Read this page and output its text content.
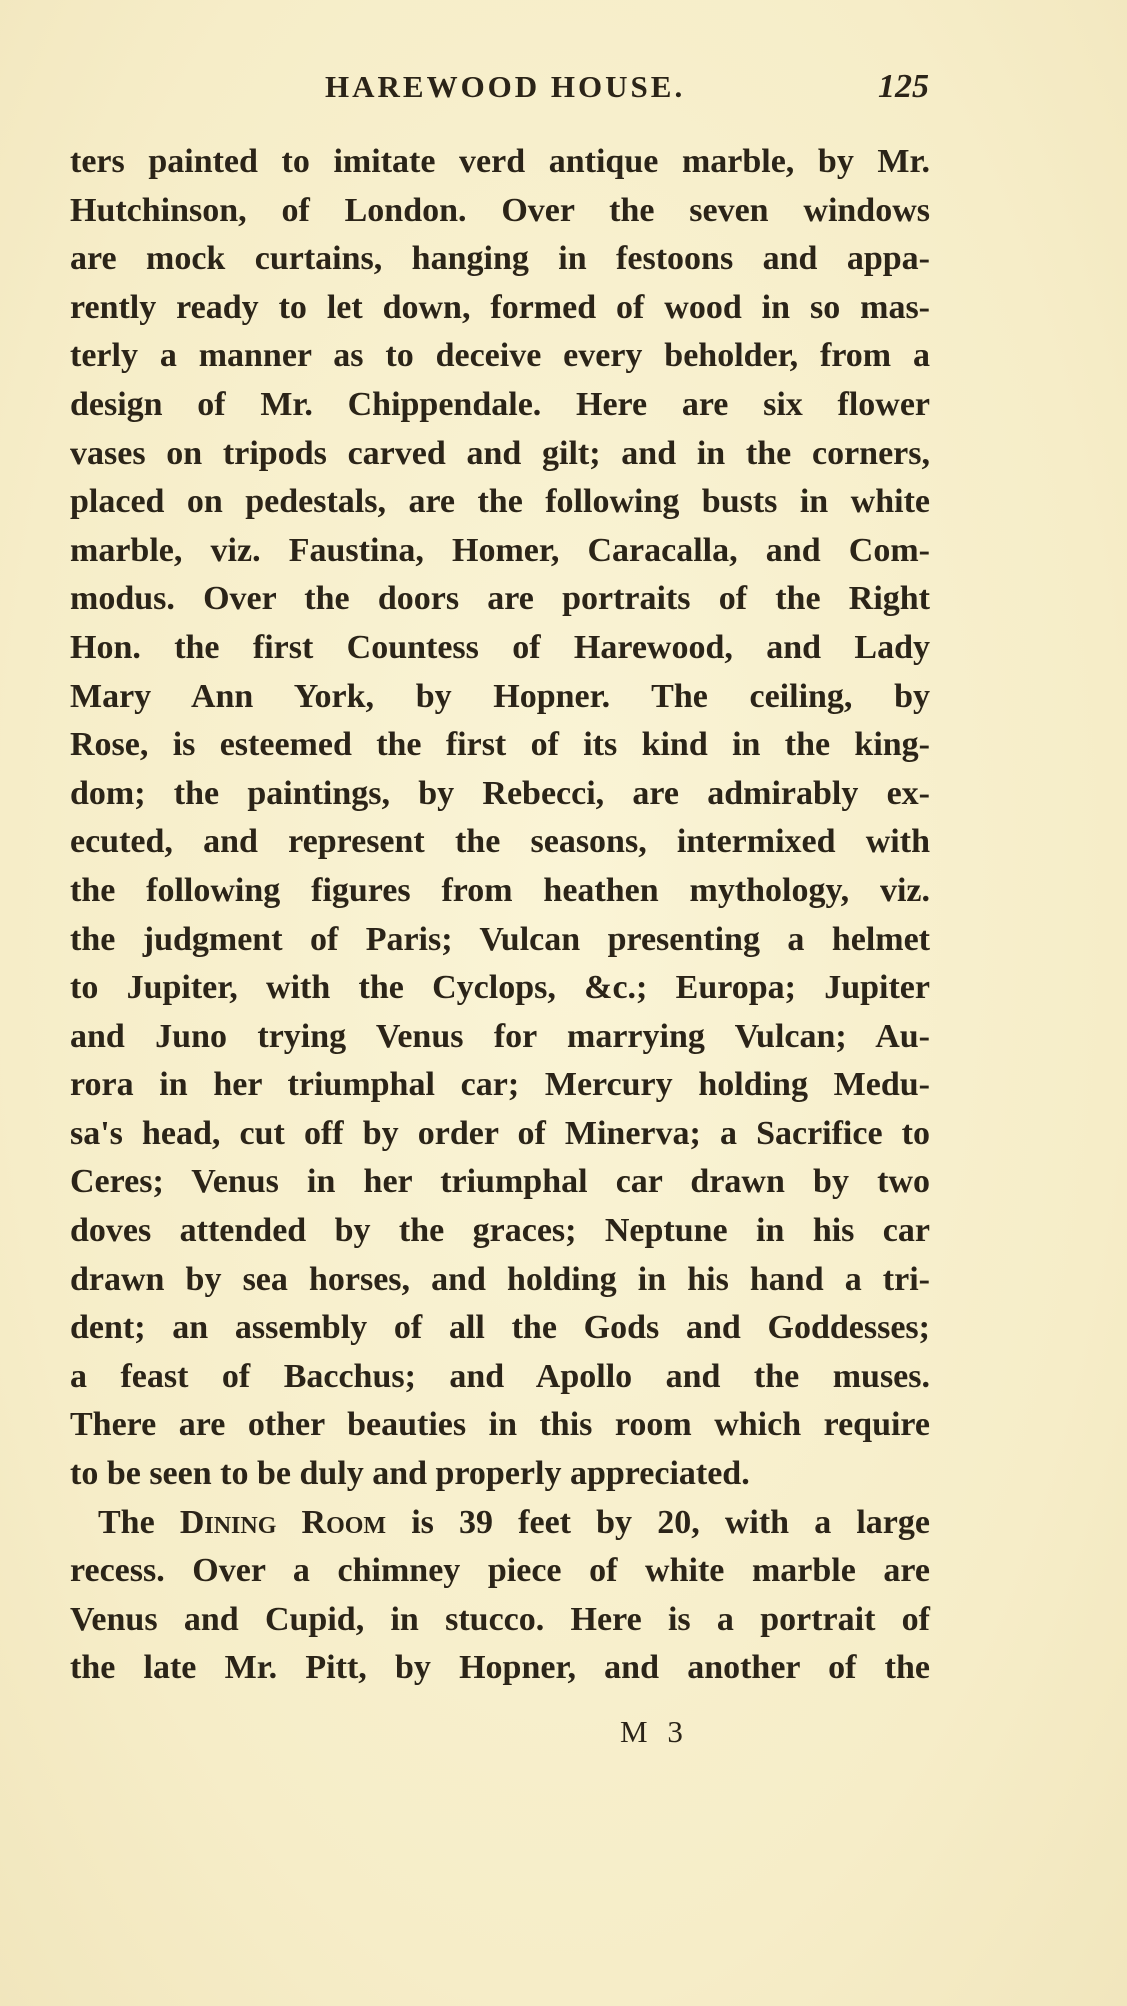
HAREWOOD HOUSE.	125
ters painted to imitate verd antique marble, by Mr.
Hutchinson, of London. Over the seven windows
are mock curtains, hanging in festoons and appa-
rently ready to let down, formed of wood in so mas-
terly a manner as to deceive every beholder, from a
design of Mr. Chippendale. Here are six flower
vases on tripods carved and gilt; and in the corners,
placed on pedestals, are the following busts in white
marble, viz. Faustina, Homer, Caracalla, and Com-
modus. Over the doors are portraits of the Right
Hon. the first Countess of Harewood, and Lady
Mary Ann York, by Hopner. The ceiling, by
Rose, is esteemed the first of its kind in the king-
dom; the paintings, by Rebecci, are admirably ex-
ecuted, and represent the seasons, intermixed with
the following figures from heathen mythology, viz.
the judgment of Paris; Vulcan presenting a helmet
to Jupiter, with the Cyclops, &c.; Europa; Jupiter
and Juno trying Venus for marrying Vulcan; Au-
rora in her triumphal car; Mercury holding Medu-
sa's head, cut off by order of Minerva; a Sacrifice to
Ceres; Venus in her triumphal car drawn by two
doves attended by the graces; Neptune in his car
drawn by sea horses, and holding in his hand a tri-
dent; an assembly of all the Gods and Goddesses;
a feast of Bacchus; and Apollo and the muses.
There are other beauties in this room which require
to be seen to be duly and properly appreciated.
The Dining Room is 39 feet by 20, with a large
recess. Over a chimney piece of white marble are
Venus and Cupid, in stucco. Here is a portrait of
the late Mr. Pitt, by Hopner, and another of the
M 3
